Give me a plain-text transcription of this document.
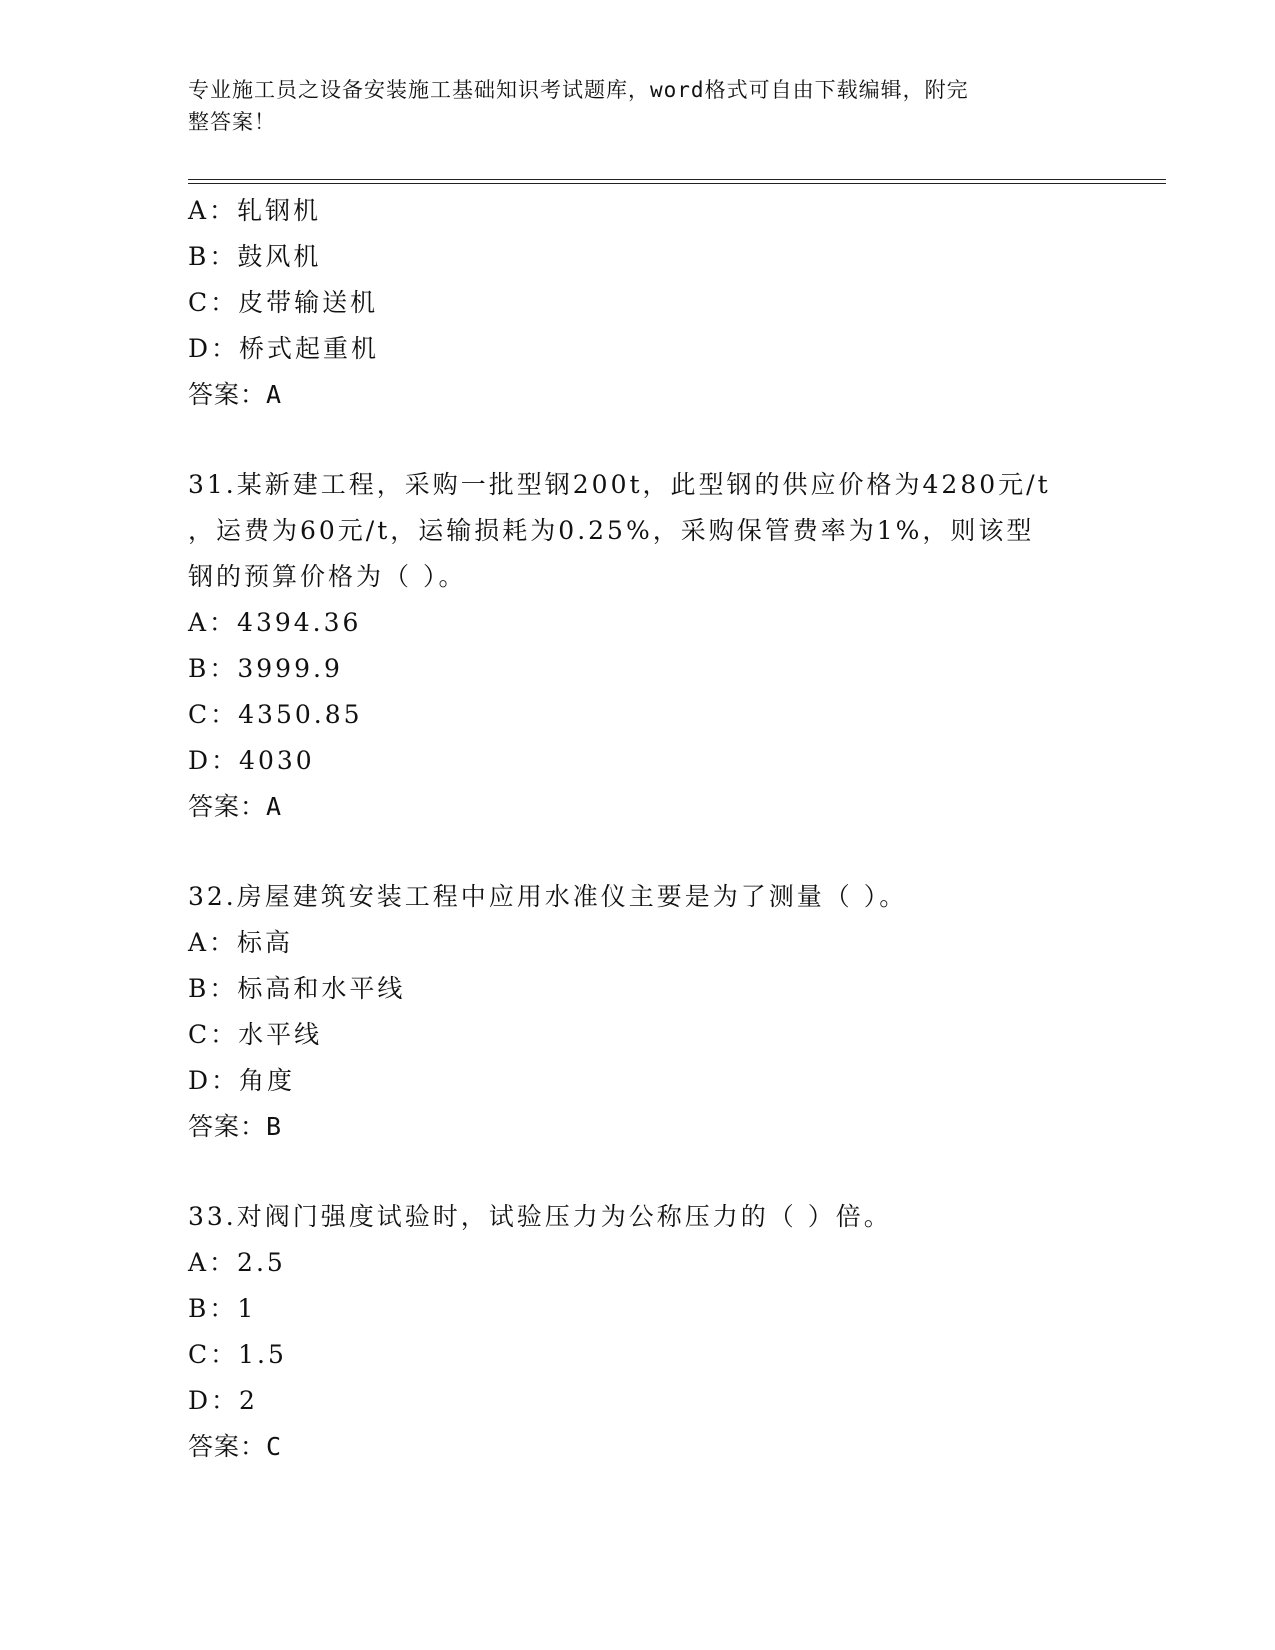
专业施工员之设备安装施工基础知识考试题库，word格式可自由下载编辑，附完
整答案！
A：轧钢机
B：鼓风机
C：皮带输送机
D：桥式起重机
答案：A
31.某新建工程，采购一批型钢200t，此型钢的供应价格为4280元/t
，运费为60元/t，运输损耗为0.25%，采购保管费率为1%，则该型
钢的预算价格为（ ）。
A：4394.36
B：3999.9
C：4350.85
D：4030
答案：A
32.房屋建筑安装工程中应用水准仪主要是为了测量（ ）。
A：标高
B：标高和水平线
C：水平线
D：角度
答案：B
33.对阀门强度试验时，试验压力为公称压力的（ ）倍。
A：2.5
B：1
C：1.5
D：2
答案：C
